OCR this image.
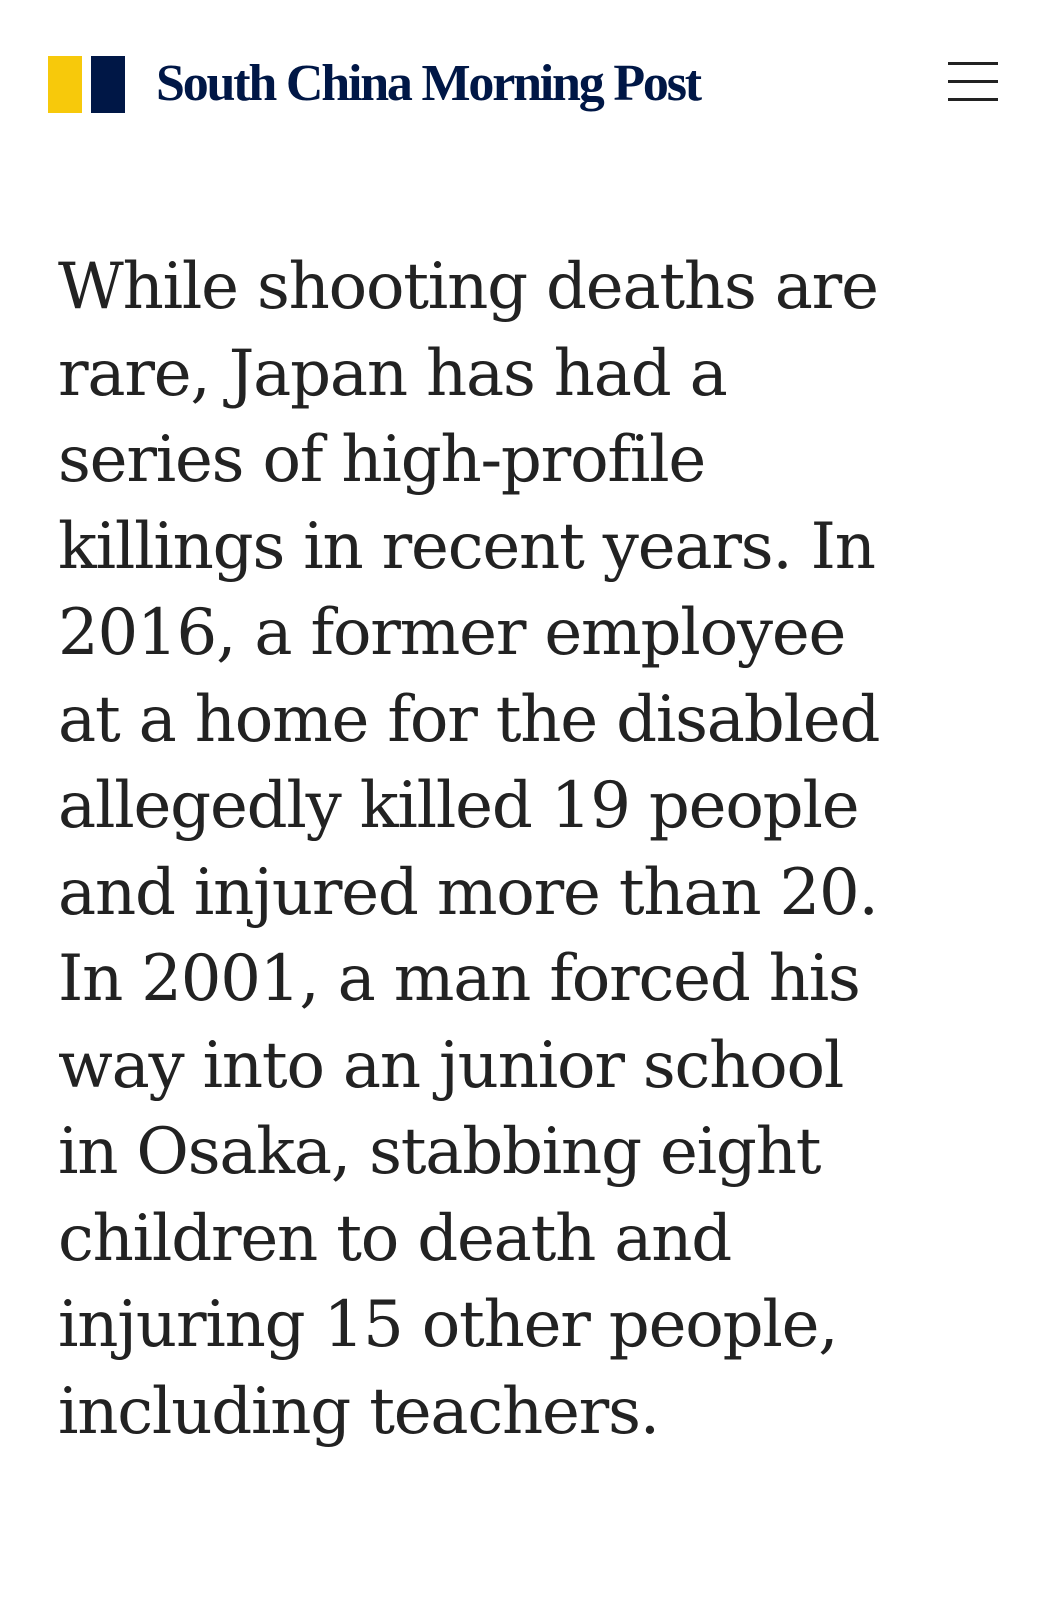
South China Morning Post

While shooting deaths are
rare, Japan has had a
series of high-profile
killings in recent years. In
2016, a former employee
at a home for the disabled
allegedly killed 19 people
and injured more than 20.
In 2001, a man forced his
way into an junior school
in Osaka, stabbing eight
children to death and
injuring 15 other people,
including teachers.
